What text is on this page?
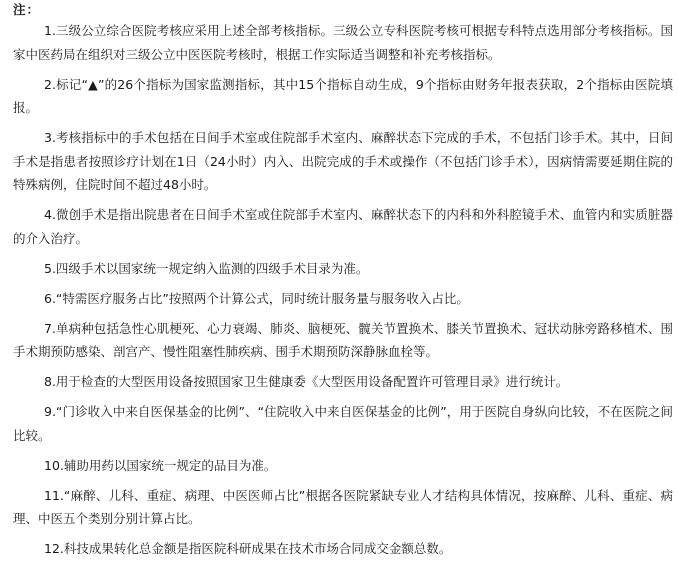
注：

1.三级公立综合医院考核应采用上述全部考核指标。三级公立专科医院考核可根据专科特点选用部分考核指标。国家中医药局在组织对三级公立中医医院考核时，根据工作实际适当调整和补充考核指标。
2.标记“▲”的26个指标为国家监测指标，其中15个指标自动生成，9个指标由财务年报表获取，2个指标由医院填报。
3.考核指标中的手术包括在日间手术室或住院部手术室内、麻醉状态下完成的手术，不包括门诊手术。其中，日间手术是指患者按照诊疗计划在1日（24小时）内入、出院完成的手术或操作（不包括门诊手术），因病情需要延期住院的特殊病例，住院时间不超过48小时。
4.微创手术是指出院患者在日间手术室或住院部手术室内、麻醉状态下的内科和外科腔镜手术、血管内和实质脏器的介入治疗。
5.四级手术以国家统一规定纳入监测的四级手术目录为准。
6.“特需医疗服务占比”按照两个计算公式，同时统计服务量与服务收入占比。
7.单病种包括急性心肌梗死、心力衰竭、肺炎、脑梗死、髋关节置换术、膝关节置换术、冠状动脉旁路移植术、围手术期预防感染、剖宫产、慢性阻塞性肺疾病、围手术期预防深静脉血栓等。
8.用于检查的大型医用设备按照国家卫生健康委《大型医用设备配置许可管理目录》进行统计。
9.“门诊收入中来自医保基金的比例”、“住院收入中来自医保基金的比例”，用于医院自身纵向比较，不在医院之间比较。
10.辅助用药以国家统一规定的品目为准。
11.“麻醉、儿科、重症、病理、中医医师占比”根据各医院紧缺专业人才结构具体情况，按麻醉、儿科、重症、病理、中医五个类别分别计算占比。
12.科技成果转化总金额是指医院科研成果在技术市场合同成交金额总数。
